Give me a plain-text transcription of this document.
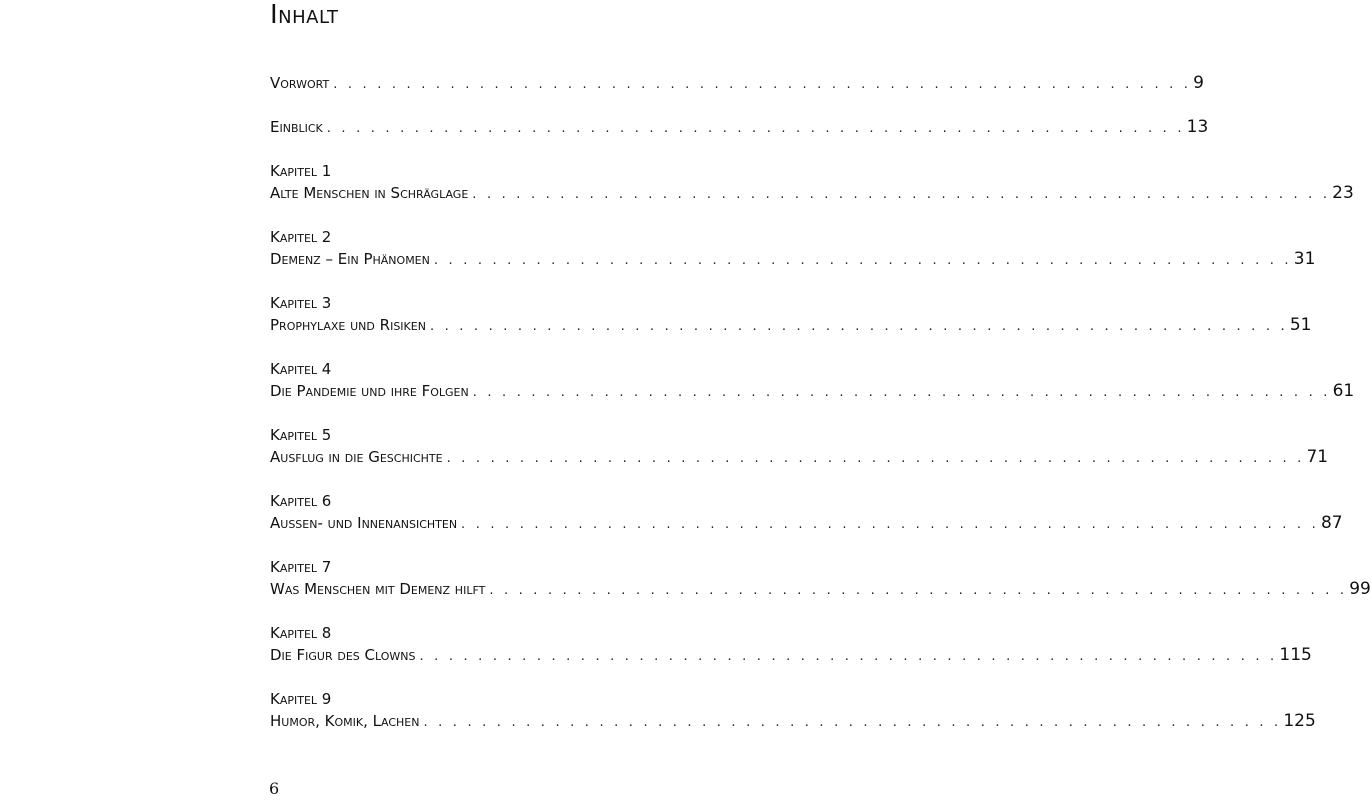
Inhalt
Vorwort . . . . . . . . . . . . . . . . . . . . . . . . . . . . . . . . . . . . . . . . . . . . . . . . . . . . . . . . . . . 9
Einblick . . . . . . . . . . . . . . . . . . . . . . . . . . . . . . . . . . . . . . . . . . . . . . . . . . . . . . . . . . . 13
Kapitel 1
Alte Menschen in Schräglage . . . . . . . . . . . . . . . . . . . . . . . . . . . . . . . . . . . . . . . . . . . . . . . . . . . . . . . . . . . 23
Kapitel 2
Demenz – Ein Phänomen . . . . . . . . . . . . . . . . . . . . . . . . . . . . . . . . . . . . . . . . . . . . . . . . . . . . . . . . . . . 31
Kapitel 3
Prophylaxe und Risiken . . . . . . . . . . . . . . . . . . . . . . . . . . . . . . . . . . . . . . . . . . . . . . . . . . . . . . . . . . . 51
Kapitel 4
Die Pandemie und ihre Folgen . . . . . . . . . . . . . . . . . . . . . . . . . . . . . . . . . . . . . . . . . . . . . . . . . . . . . . . . . . . 61
Kapitel 5
Ausflug in die Geschichte . . . . . . . . . . . . . . . . . . . . . . . . . . . . . . . . . . . . . . . . . . . . . . . . . . . . . . . . . . . 71
Kapitel 6
Aussen- und Innenansichten . . . . . . . . . . . . . . . . . . . . . . . . . . . . . . . . . . . . . . . . . . . . . . . . . . . . . . . . . . . 87
Kapitel 7
Was Menschen mit Demenz hilft . . . . . . . . . . . . . . . . . . . . . . . . . . . . . . . . . . . . . . . . . . . . . . . . . . . . . . . . . . . 99
Kapitel 8
Die Figur des Clowns . . . . . . . . . . . . . . . . . . . . . . . . . . . . . . . . . . . . . . . . . . . . . . . . . . . . . . . . . . . 115
Kapitel 9
Humor, Komik, Lachen . . . . . . . . . . . . . . . . . . . . . . . . . . . . . . . . . . . . . . . . . . . . . . . . . . . . . . . . . . . 125
6
